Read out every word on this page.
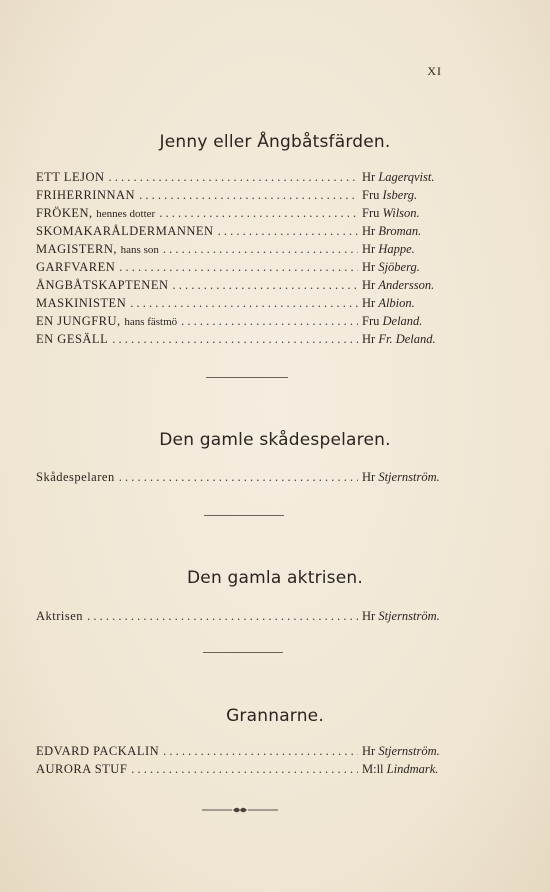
XI
Jenny eller Ångbåtsfärden.
ETT LEJON . . .	Hr Lagerqvist.
FRIHERRINNAN . . .	Fru Isberg.
FRÖKEN, hennes dotter . . .	Fru Wilson.
SKOMAKARÅLDERMANNEN . . .	Hr Broman.
MAGISTERN, hans son . . .	Hr Happe.
GARFVAREN . . .	Hr Sjöberg.
ÅNGBÅTSKAPTENEN . . .	Hr Andersson.
MASKINISTEN . . .	Hr Albion.
EN JUNGFRU, hans fästmö . . .	Fru Deland.
EN GESÄLL . . .	Hr Fr. Deland.
Den gamle skådespelaren.
Skådespelaren . . .	Hr Stjernström.
Den gamla aktrisen.
Aktrisen . . .	Hr Stjernström.
Grannarne.
EDVARD PACKALIN . . .	Hr Stjernström.
AURORA STUF . . .	M:ll Lindmark.
